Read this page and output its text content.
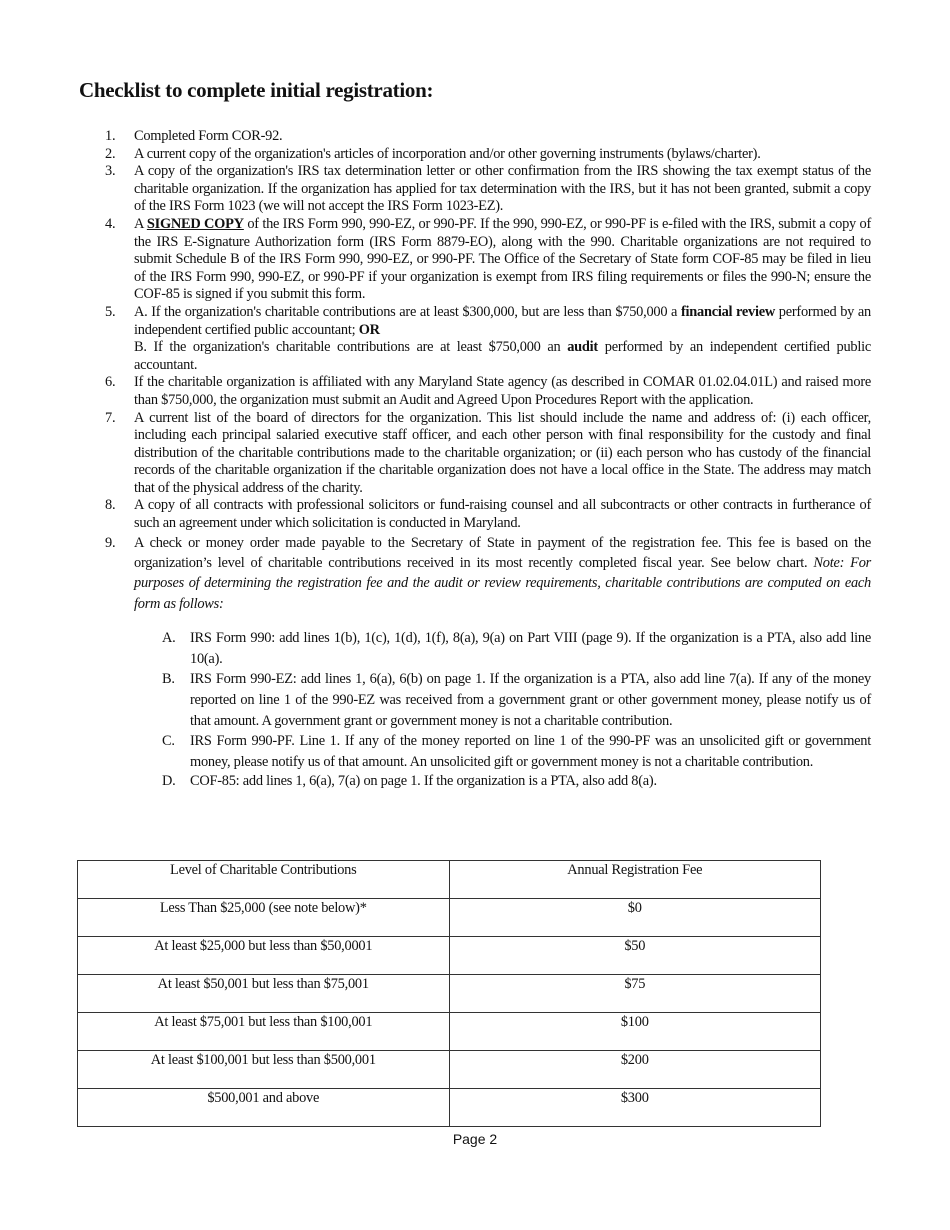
Checklist to complete initial registration:
1. Completed Form COR-92.
2. A current copy of the organization's articles of incorporation and/or other governing instruments (bylaws/charter).
3. A copy of the organization's IRS tax determination letter or other confirmation from the IRS showing the tax exempt status of the charitable organization. If the organization has applied for tax determination with the IRS, but it has not been granted, submit a copy of the IRS Form 1023 (we will not accept the IRS Form 1023-EZ).
4. A SIGNED COPY of the IRS Form 990, 990-EZ, or 990-PF. If the 990, 990-EZ, or 990-PF is e-filed with the IRS, submit a copy of the IRS E-Signature Authorization form (IRS Form 8879-EO), along with the 990. Charitable organizations are not required to submit Schedule B of the IRS Form 990, 990-EZ, or 990-PF. The Office of the Secretary of State form COF-85 may be filed in lieu of the IRS Form 990, 990-EZ, or 990-PF if your organization is exempt from IRS filing requirements or files the 990-N; ensure the COF-85 is signed if you submit this form.
5. A. If the organization's charitable contributions are at least $300,000, but are less than $750,000 a financial review performed by an independent certified public accountant; OR
B. If the organization's charitable contributions are at least $750,000 an audit performed by an independent certified public accountant.
6. If the charitable organization is affiliated with any Maryland State agency (as described in COMAR 01.02.04.01L) and raised more than $750,000, the organization must submit an Audit and Agreed Upon Procedures Report with the application.
7. A current list of the board of directors for the organization. This list should include the name and address of: (i) each officer, including each principal salaried executive staff officer, and each other person with final responsibility for the custody and final distribution of the charitable contributions made to the charitable organization; or (ii) each person who has custody of the financial records of the charitable organization if the charitable organization does not have a local office in the State. The address may match that of the physical address of the charity.
8. A copy of all contracts with professional solicitors or fund-raising counsel and all subcontracts or other contracts in furtherance of such an agreement under which solicitation is conducted in Maryland.
9. A check or money order made payable to the Secretary of State in payment of the registration fee. This fee is based on the organization’s level of charitable contributions received in its most recently completed fiscal year. See below chart. Note: For purposes of determining the registration fee and the audit or review requirements, charitable contributions are computed on each form as follows:
A. IRS Form 990: add lines 1(b), 1(c), 1(d), 1(f), 8(a), 9(a) on Part VIII (page 9). If the organization is a PTA, also add line 10(a).
B. IRS Form 990-EZ: add lines 1, 6(a), 6(b) on page 1. If the organization is a PTA, also add line 7(a). If any of the money reported on line 1 of the 990-EZ was received from a government grant or other government money, please notify us of that amount. A government grant or government money is not a charitable contribution.
C. IRS Form 990-PF. Line 1. If any of the money reported on line 1 of the 990-PF was an unsolicited gift or government money, please notify us of that amount. An unsolicited gift or government money is not a charitable contribution.
D. COF-85: add lines 1, 6(a), 7(a) on page 1. If the organization is a PTA, also add 8(a).
Level of Charitable Contributions	Annual Registration Fee
Less Than $25,000 (see note below)*	$0
At least $25,000 but less than $50,0001	$50
At least $50,001 but less than $75,001	$75
At least $75,001 but less than $100,001	$100
At least $100,001 but less than $500,001	$200
$500,001 and above	$300
Page 2
